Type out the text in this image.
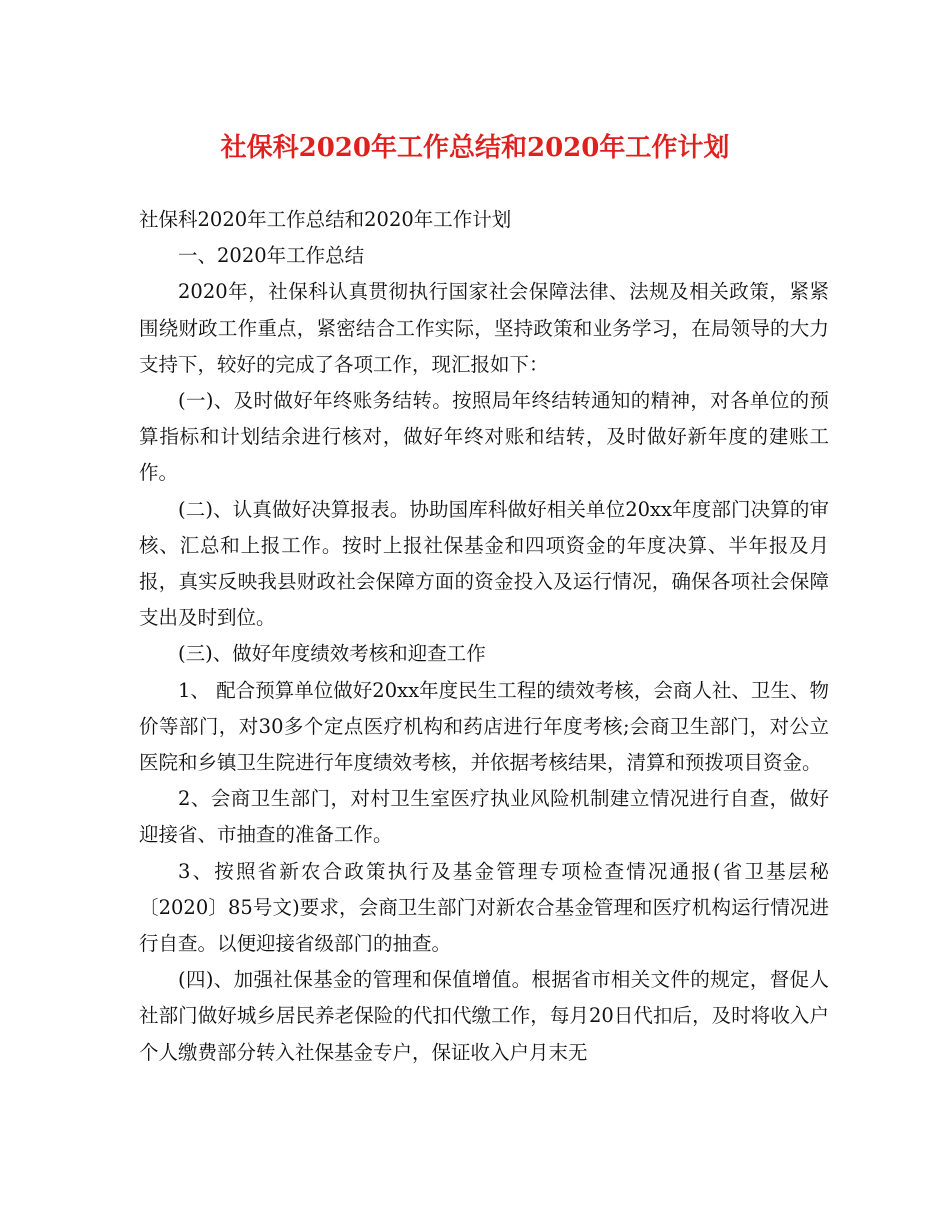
社保科2020年工作总结和2020年工作计划

社保科2020年工作总结和2020年工作计划

一、2020年工作总结

2020年，社保科认真贯彻执行国家社会保障法律、法规及相关政策，紧紧围绕财政工作重点，紧密结合工作实际，坚持政策和业务学习，在局领导的大力支持下，较好的完成了各项工作，现汇报如下：

(一)、及时做好年终账务结转。按照局年终结转通知的精神，对各单位的预算指标和计划结余进行核对，做好年终对账和结转，及时做好新年度的建账工作。

(二)、认真做好决算报表。协助国库科做好相关单位20xx年度部门决算的审核、汇总和上报工作。按时上报社保基金和四项资金的年度决算、半年报及月报，真实反映我县财政社会保障方面的资金投入及运行情况，确保各项社会保障支出及时到位。

(三)、做好年度绩效考核和迎查工作

1、 配合预算单位做好20xx年度民生工程的绩效考核，会商人社、卫生、物价等部门，对30多个定点医疗机构和药店进行年度考核;会商卫生部门，对公立医院和乡镇卫生院进行年度绩效考核，并依据考核结果，清算和预拨项目资金。

2、会商卫生部门，对村卫生室医疗执业风险机制建立情况进行自查，做好迎接省、市抽查的准备工作。

3、按照省新农合政策执行及基金管理专项检查情况通报(省卫基层秘〔2020〕85号文)要求，会商卫生部门对新农合基金管理和医疗机构运行情况进行自查。以便迎接省级部门的抽查。

(四)、加强社保基金的管理和保值增值。根据省市相关文件的规定，督促人社部门做好城乡居民养老保险的代扣代缴工作，每月20日代扣后，及时将收入户个人缴费部分转入社保基金专户，保证收入户月末无
